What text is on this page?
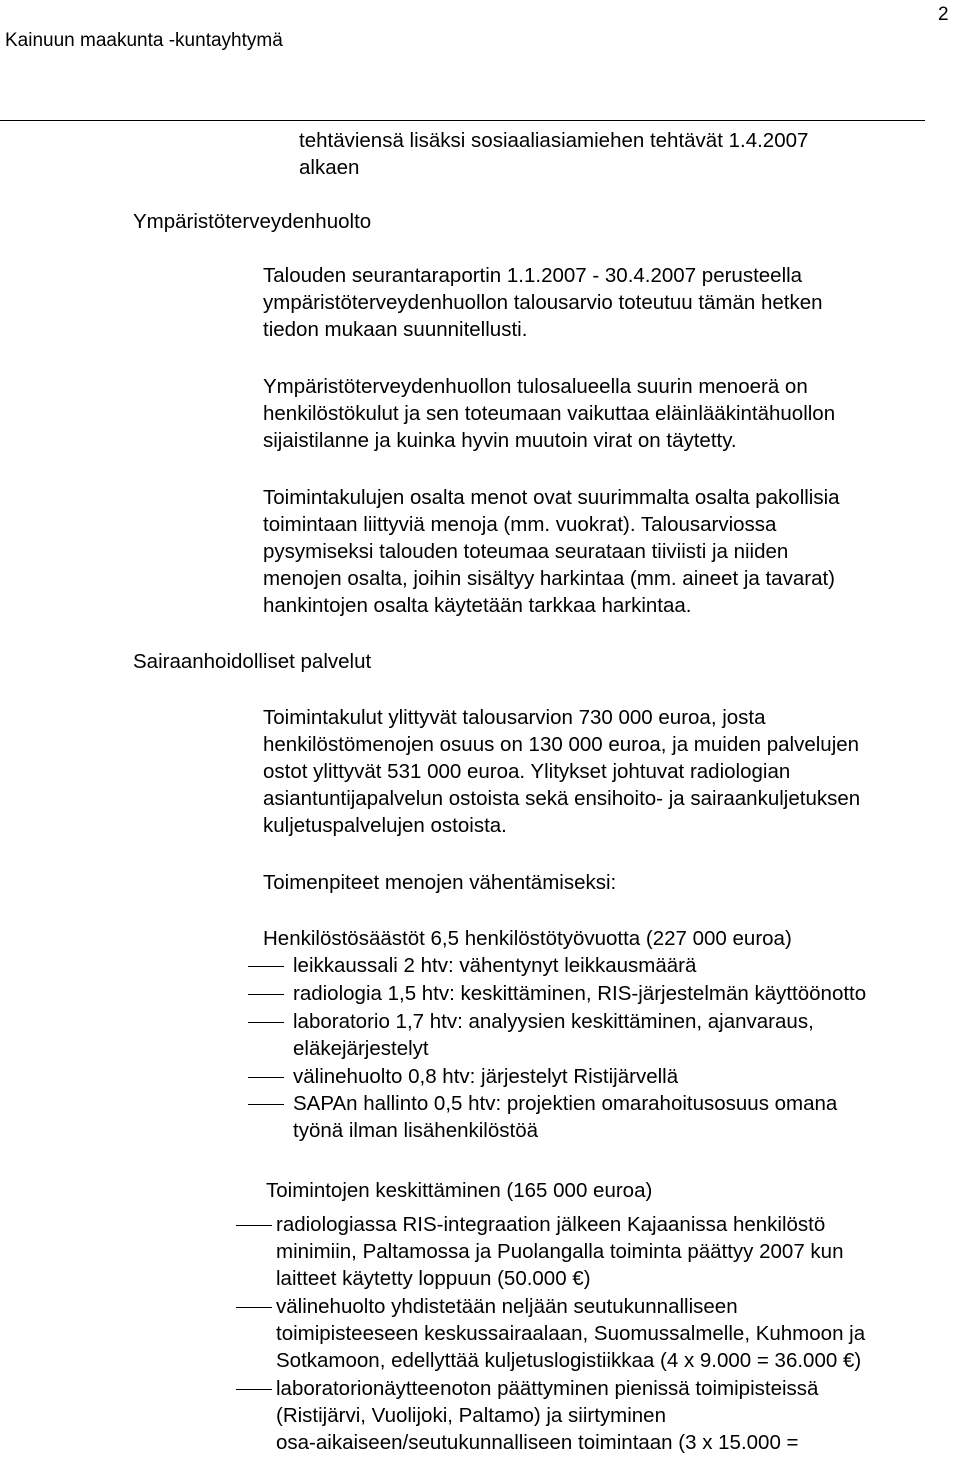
Kainuun maakunta -kuntayhtymä
2
tehtäviensä lisäksi sosiaaliasiamiehen tehtävät 1.4.2007
alkaen
Ympäristöterveydenhuolto
Talouden seurantaraportin 1.1.2007 - 30.4.2007 perusteella
ympäristöterveydenhuollon talousarvio toteutuu tämän hetken
tiedon mukaan suunnitellusti.
Ympäristöterveydenhuollon tulosalueella suurin menoerä on
henkilöstökulut ja sen toteumaan vaikuttaa eläinlääkintähuollon
sijaistilanne ja kuinka hyvin muutoin virat on täytetty.
Toimintakulujen osalta menot ovat suurimmalta osalta pakollisia
toimintaan liittyviä menoja (mm. vuokrat). Talousarviossa
pysymiseksi talouden toteumaa seurataan tiiviisti ja niiden
menojen osalta, joihin sisältyy harkintaa (mm. aineet ja tavarat)
hankintojen osalta käytetään tarkkaa harkintaa.
Sairaanhoidolliset palvelut
Toimintakulut ylittyvät talousarvion 730 000 euroa, josta
henkilöstömenojen osuus on 130 000 euroa, ja muiden palvelujen
ostot ylittyvät 531 000 euroa. Ylitykset johtuvat radiologian
asiantuntijapalvelun ostoista sekä ensihoito- ja sairaankuljetuksen
kuljetuspalvelujen ostoista.
Toimenpiteet menojen vähentämiseksi:
Henkilöstösäästöt 6,5 henkilöstötyövuotta (227 000 euroa)
leikkaussali 2 htv: vähentynyt leikkausmäärä
radiologia 1,5 htv: keskittäminen, RIS-järjestelmän käyttöönotto
laboratorio 1,7 htv: analyysien keskittäminen, ajanvaraus,
eläkejärjestelyt
välinehuolto 0,8 htv: järjestelyt Ristijärvellä
SAPAn hallinto 0,5 htv: projektien omarahoitusosuus omana
työnä ilman lisähenkilöstöä
Toimintojen keskittäminen (165 000 euroa)
radiologiassa RIS-integraation jälkeen Kajaanissa henkilöstö
minimiin, Paltamossa ja Puolangalla toiminta päättyy 2007 kun
laitteet käytetty loppuun (50.000 €)
välinehuolto yhdistetään neljään seutukunnalliseen
toimipisteeseen keskussairaalaan, Suomussalmelle, Kuhmoon ja
Sotkamoon, edellyttää kuljetuslogistiikkaa (4 x 9.000 = 36.000 €)
laboratorionäytteenoton päättyminen pienissä toimipisteissä
(Ristijärvi, Vuolijoki, Paltamo) ja siirtyminen
osa-aikaiseen/seutukunnalliseen toimintaan (3 x 15.000 =
